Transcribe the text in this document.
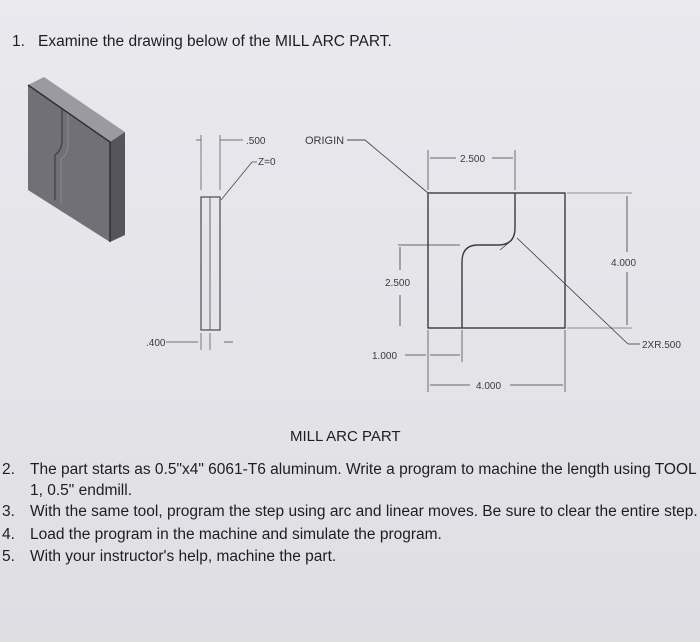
1. Examine the drawing below of the MILL ARC PART.
.500
Z=0
.400
ORIGIN
2.500
2.500
4.000
1.000
4.000
2XR.500
MILL ARC PART
2. The part starts as 0.5"x4" 6061-T6 aluminum. Write a program to machine the length using TOOL 1, 0.5" endmill.
3. With the same tool, program the step using arc and linear moves. Be sure to clear the entire step.
4. Load the program in the machine and simulate the program.
5. With your instructor's help, machine the part.
